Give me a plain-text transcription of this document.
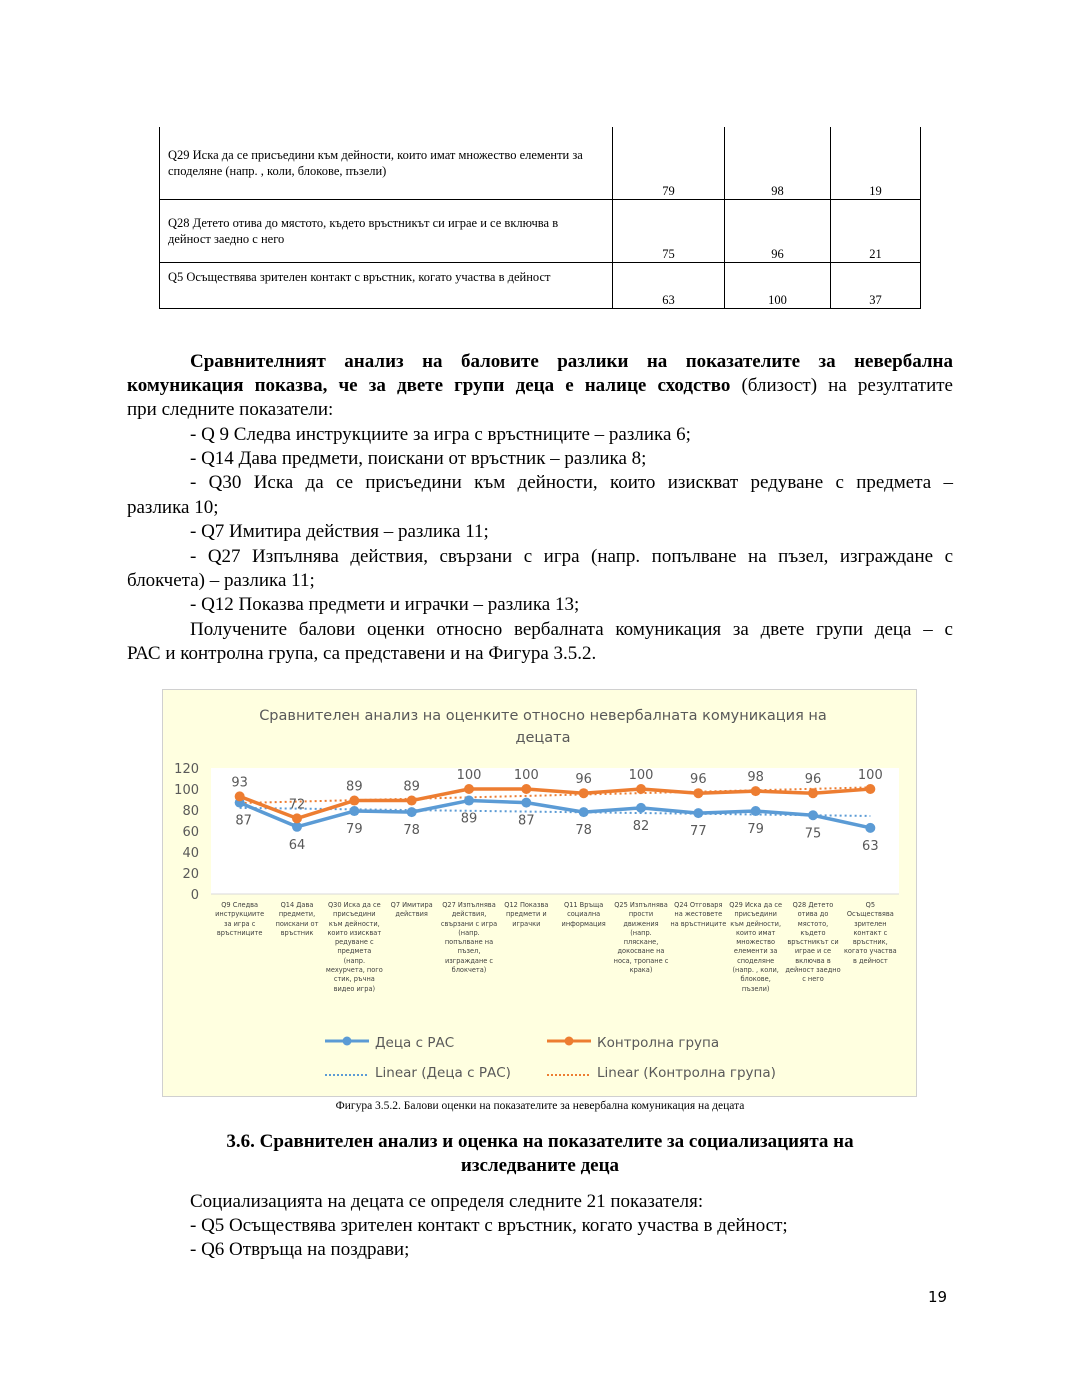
Q29 Иска да се присъедини към дейности, които имат множество елементи за споделяне (напр. , коли, блокове, пъзели)	79	98	19
Q28 Детето отива до мястото, където връстникът си играе и се включва в дейност заедно с него	75	96	21
Q5 Осъществява зрителен контакт с връстник, когато участва в дейност	63	100	37
Сравнителният анализ на баловите разлики на показателите за невербална
комуникация показва, че за двете групи деца е налице сходство (близост) на резултатите
при следните показатели:
- Q 9 Следва инструкциите за игра с връстниците – разлика 6;
- Q14 Дава предмети, поискани от връстник – разлика 8;
- Q30 Иска да се присъедини към дейности, които изискват редуване с предмета –
разлика 10;
- Q7 Имитира действия – разлика 11;
- Q27 Изпълнява действия, свързани с игра (напр. попълване на пъзел, изграждане с
блокчета) – разлика 11;
- Q12 Показва предмети и играчки – разлика 13;
Получените балови оценки относно вербалната комуникация за двете групи деца – с
РАС и контролна група, са представени и на Фигура 3.5.2.
Сравнителен анализ на оценките относно невербалната комуникация на
децата
0
20
40
60
80
100
120
87
64
79	78
89	87
78	82	77	79	75
63
93
72
89	89
100	100	96	100	96	98	96	100
Q9 Следва инструкциите за игра с връстниците
Q14 Дава предмети, поискани от връстник
Q30 Иска да се присъедини към дейности, които изискват редуване с предмета (напр. мехурчета, пого стик, ръчна видео игра)
Q7 Имитира действия
Q27 Изпълнява действия, свързани с игра (напр. попълване на пъзел, изграждане с блокчета)
Q12 Показва предмети и играчки
Q11 Връща социална информация
Q25 Изпълнява прости движения (напр. пляскане, докосване на носа, тропане с крака)
Q24 Отговаря на жестовете на връстниците
Q29 Иска да се присъедини към дейности, които имат множество елементи за споделяне (напр. , коли, блокове, пъзели)
Q28 Детето отива до мястото, където връстникът си играе и се включва в дейност заедно с него
Q5 Осъществява зрителен контакт с връстник, когато участва в дейност
Деца с РАС	Контролна група
Linear (Деца с РАС)	Linear (Контролна група)
Фигура 3.5.2. Балови оценки на показателите за невербална комуникация на децата
3.6. Сравнителен анализ и оценка на показателите за социализацията на
изследваните деца
Социализацията на децата се определя следните 21 показателя:
- Q5 Осъществява зрителен контакт с връстник, когато участва в дейност;
- Q6 Отвръща на поздрави;
19
